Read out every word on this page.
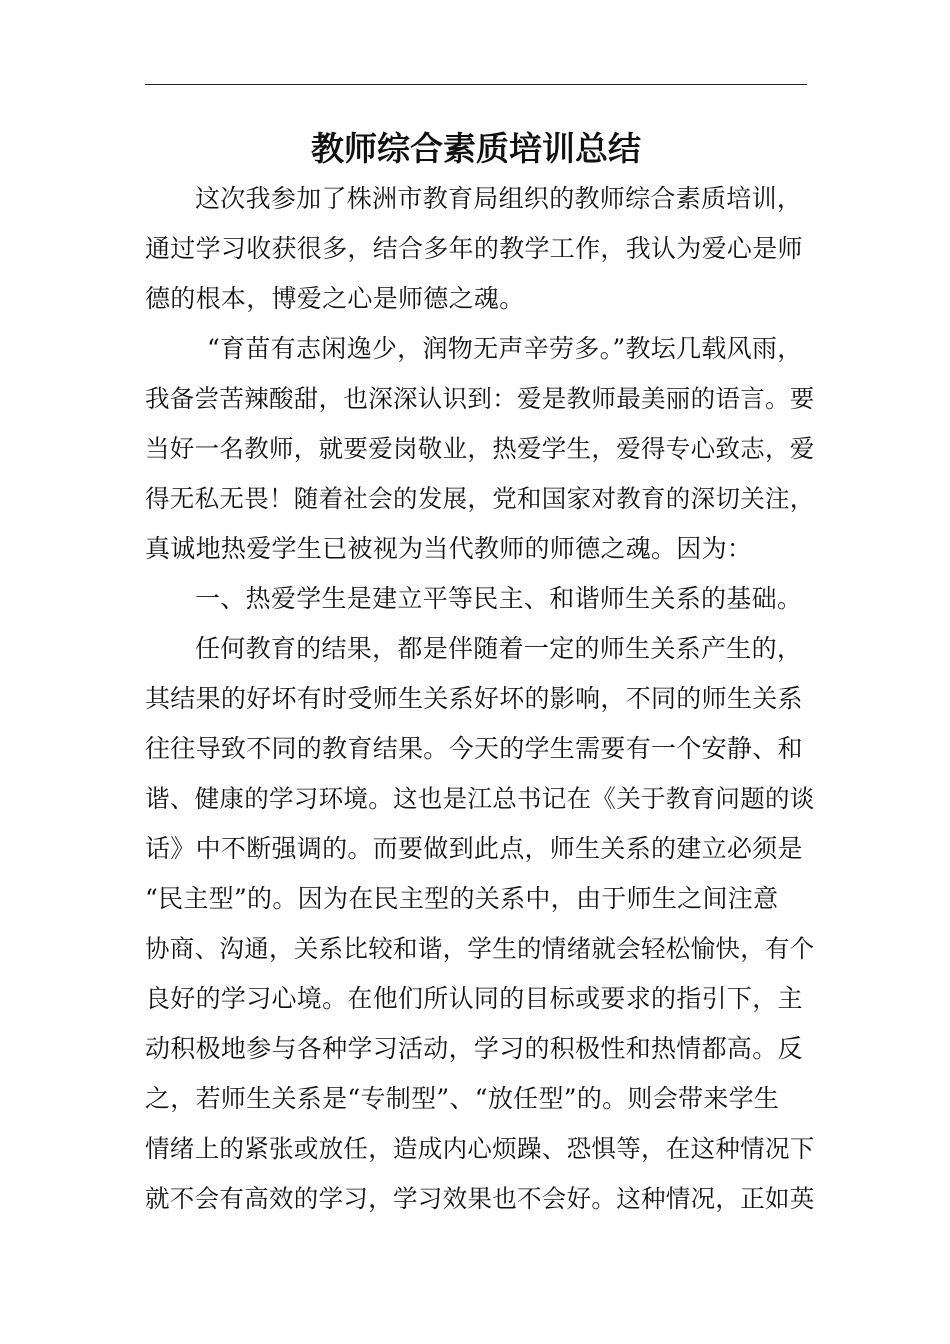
教师综合素质培训总结
这次我参加了株洲市教育局组织的教师综合素质培训，
通过学习收获很多，结合多年的教学工作，我认为爱心是师
德的根本，博爱之心是师德之魂。
“育苗有志闲逸少，润物无声辛劳多。”教坛几载风雨，
我备尝苦辣酸甜，也深深认识到：爱是教师最美丽的语言。要
当好一名教师，就要爱岗敬业，热爱学生，爱得专心致志，爱
得无私无畏！随着社会的发展，党和国家对教育的深切关注，
真诚地热爱学生已被视为当代教师的师德之魂。因为：
一、热爱学生是建立平等民主、和谐师生关系的基础。
任何教育的结果，都是伴随着一定的师生关系产生的，
其结果的好坏有时受师生关系好坏的影响，不同的师生关系
往往导致不同的教育结果。今天的学生需要有一个安静、和
谐、健康的学习环境。这也是江总书记在《关于教育问题的谈
话》中不断强调的。而要做到此点，师生关系的建立必须是
“民主型”的。因为在民主型的关系中，由于师生之间注意
协商、沟通，关系比较和谐，学生的情绪就会轻松愉快，有个
良好的学习心境。在他们所认同的目标或要求的指引下，主
动积极地参与各种学习活动，学习的积极性和热情都高。反
之，若师生关系是“专制型”、“放任型”的。则会带来学生
情绪上的紧张或放任，造成内心烦躁、恐惧等，在这种情况下
就不会有高效的学习，学习效果也不会好。这种情况，正如英
